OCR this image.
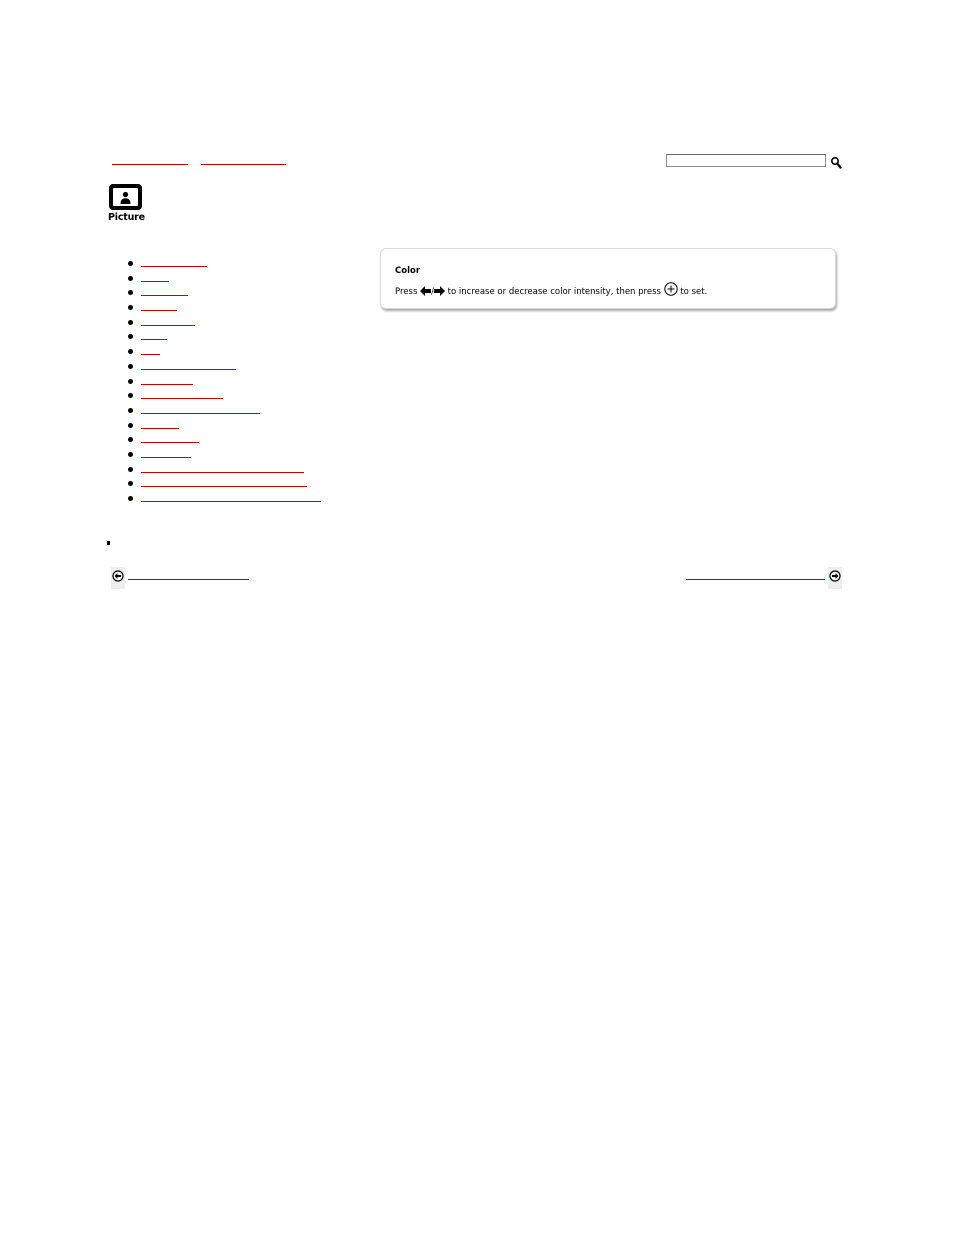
Picture
Color
Press / to increase or decrease color intensity, then press to set.
